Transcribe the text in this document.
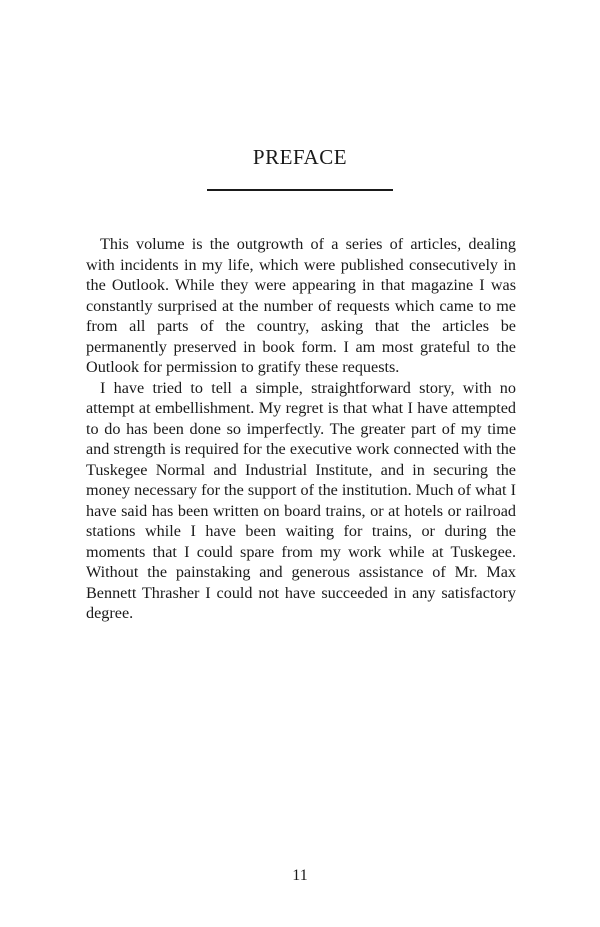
PREFACE

This volume is the outgrowth of a series of articles, dealing with incidents in my life, which were published consecutively in the Outlook. While they were appearing in that magazine I was constantly surprised at the number of requests which came to me from all parts of the country, asking that the articles be permanently preserved in book form. I am most grateful to the Outlook for permission to gratify these requests.

I have tried to tell a simple, straightforward story, with no attempt at embellishment. My regret is that what I have attempted to do has been done so imperfectly. The greater part of my time and strength is required for the executive work connected with the Tuskegee Normal and Industrial Institute, and in securing the money necessary for the support of the institution. Much of what I have said has been written on board trains, or at hotels or railroad stations while I have been waiting for trains, or during the moments that I could spare from my work while at Tuskegee. Without the painstaking and generous assistance of Mr. Max Bennett Thrasher I could not have succeeded in any satisfactory degree.

11
